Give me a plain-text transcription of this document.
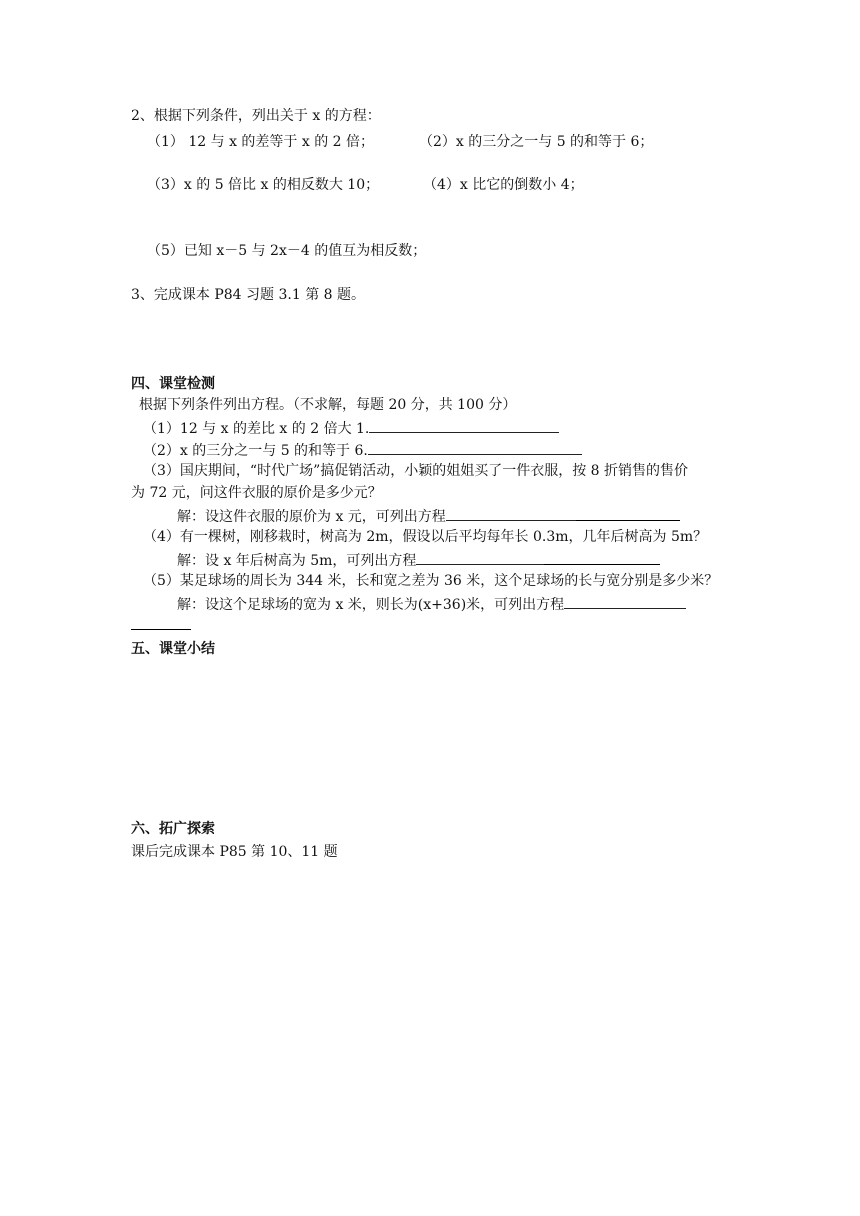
2、根据下列条件，列出关于 x 的方程：
（1） 12 与 x 的差等于 x 的 2 倍；	（2）x 的三分之一与 5 的和等于 6；
（3）x 的 5 倍比 x 的相反数大 10；	（4）x 比它的倒数小 4；
（5）已知 x－5 与 2x－4 的值互为相反数；
3、完成课本 P84 习题 3.1 第 8 题。
四、课堂检测
根据下列条件列出方程。（不求解，每题 20 分，共 100 分）
（1）12 与 x 的差比 x 的 2 倍大 1.
（2）x 的三分之一与 5 的和等于 6.
（3）国庆期间，“时代广场”搞促销活动，小颖的姐姐买了一件衣服，按 8 折销售的售价
为 72 元，问这件衣服的原价是多少元？
解：设这件衣服的原价为 x 元，可列出方程
（4）有一棵树，刚移栽时，树高为 2m，假设以后平均每年长 0.3m，几年后树高为 5m？
解：设 x 年后树高为 5m，可列出方程
（5）某足球场的周长为 344 米，长和宽之差为 36 米，这个足球场的长与宽分别是多少米？
解：设这个足球场的宽为 x 米，则长为(x+36)米，可列出方程
五、课堂小结
六、拓广探索
课后完成课本 P85 第 10、11 题
